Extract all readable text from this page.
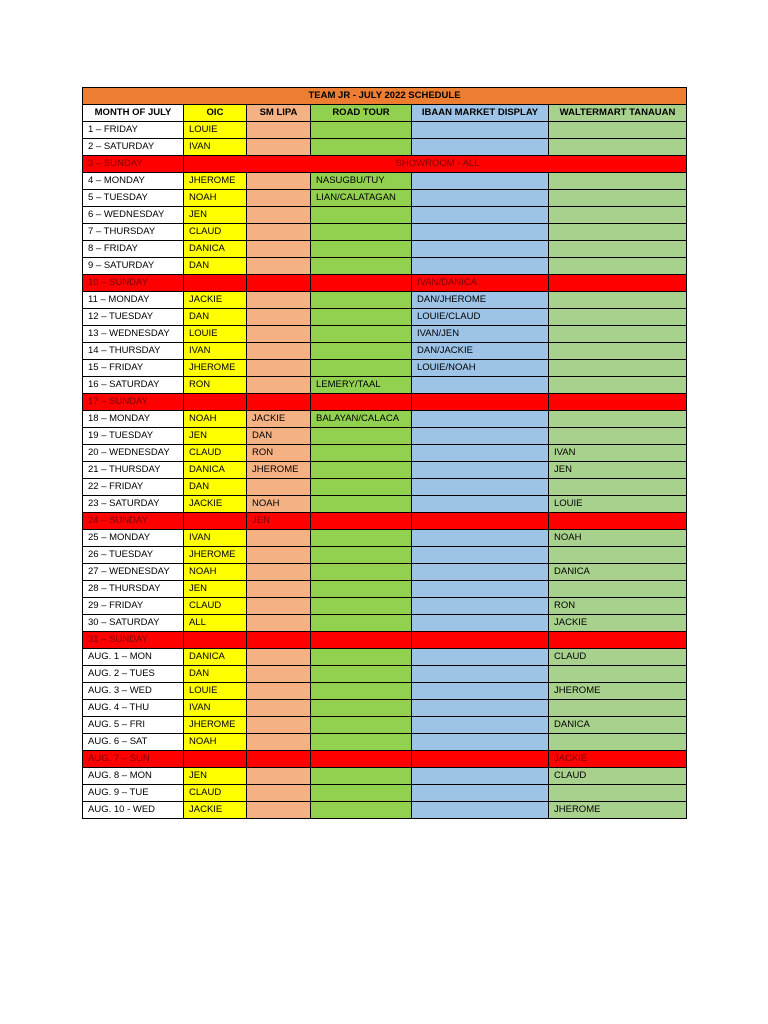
TEAM JR - JULY 2022 SCHEDULE					
MONTH OF JULY	OIC	SM LIPA	ROAD TOUR	IBAAN MARKET DISPLAY	WALTERMART TANAUAN
1 – FRIDAY	LOUIE				
2 – SATURDAY	IVAN				
3 – SUNDAY	SHOWROOM - ALL				
4 – MONDAY	JHEROME		NASUGBU/TUY		
5 – TUESDAY	NOAH		LIAN/CALATAGAN		
6 – WEDNESDAY	JEN				
7 – THURSDAY	CLAUD				
8 – FRIDAY	DANICA				
9 – SATURDAY	DAN				
10 – SUNDAY				IVAN/DANICA	
11 – MONDAY	JACKIE			DAN/JHEROME	
12 – TUESDAY	DAN			LOUIE/CLAUD	
13 – WEDNESDAY	LOUIE			IVAN/JEN	
14 – THURSDAY	IVAN			DAN/JACKIE	
15 – FRIDAY	JHEROME			LOUIE/NOAH	
16 – SATURDAY	RON		LEMERY/TAAL		
17 – SUNDAY					
18 – MONDAY	NOAH	JACKIE	BALAYAN/CALACA		
19 – TUESDAY	JEN	DAN			
20 – WEDNESDAY	CLAUD	RON			IVAN
21 – THURSDAY	DANICA	JHEROME			JEN
22 – FRIDAY	DAN				
23 – SATURDAY	JACKIE	NOAH			LOUIE
24 – SUNDAY		JEN			
25 – MONDAY	IVAN				NOAH
26 – TUESDAY	JHEROME				
27 – WEDNESDAY	NOAH				DANICA
28 – THURSDAY	JEN				
29 – FRIDAY	CLAUD				RON
30 – SATURDAY	ALL				JACKIE
31 – SUNDAY					
AUG. 1 – MON	DANICA				CLAUD
AUG. 2 – TUES	DAN				
AUG. 3 – WED	LOUIE				JHEROME
AUG. 4 – THU	IVAN				
AUG. 5 – FRI	JHEROME				DANICA
AUG. 6 – SAT	NOAH				
AUG. 7 – SUN					JACKIE
AUG. 8 – MON	JEN				CLAUD
AUG. 9 – TUE	CLAUD				
AUG. 10 - WED	JACKIE				JHEROME
